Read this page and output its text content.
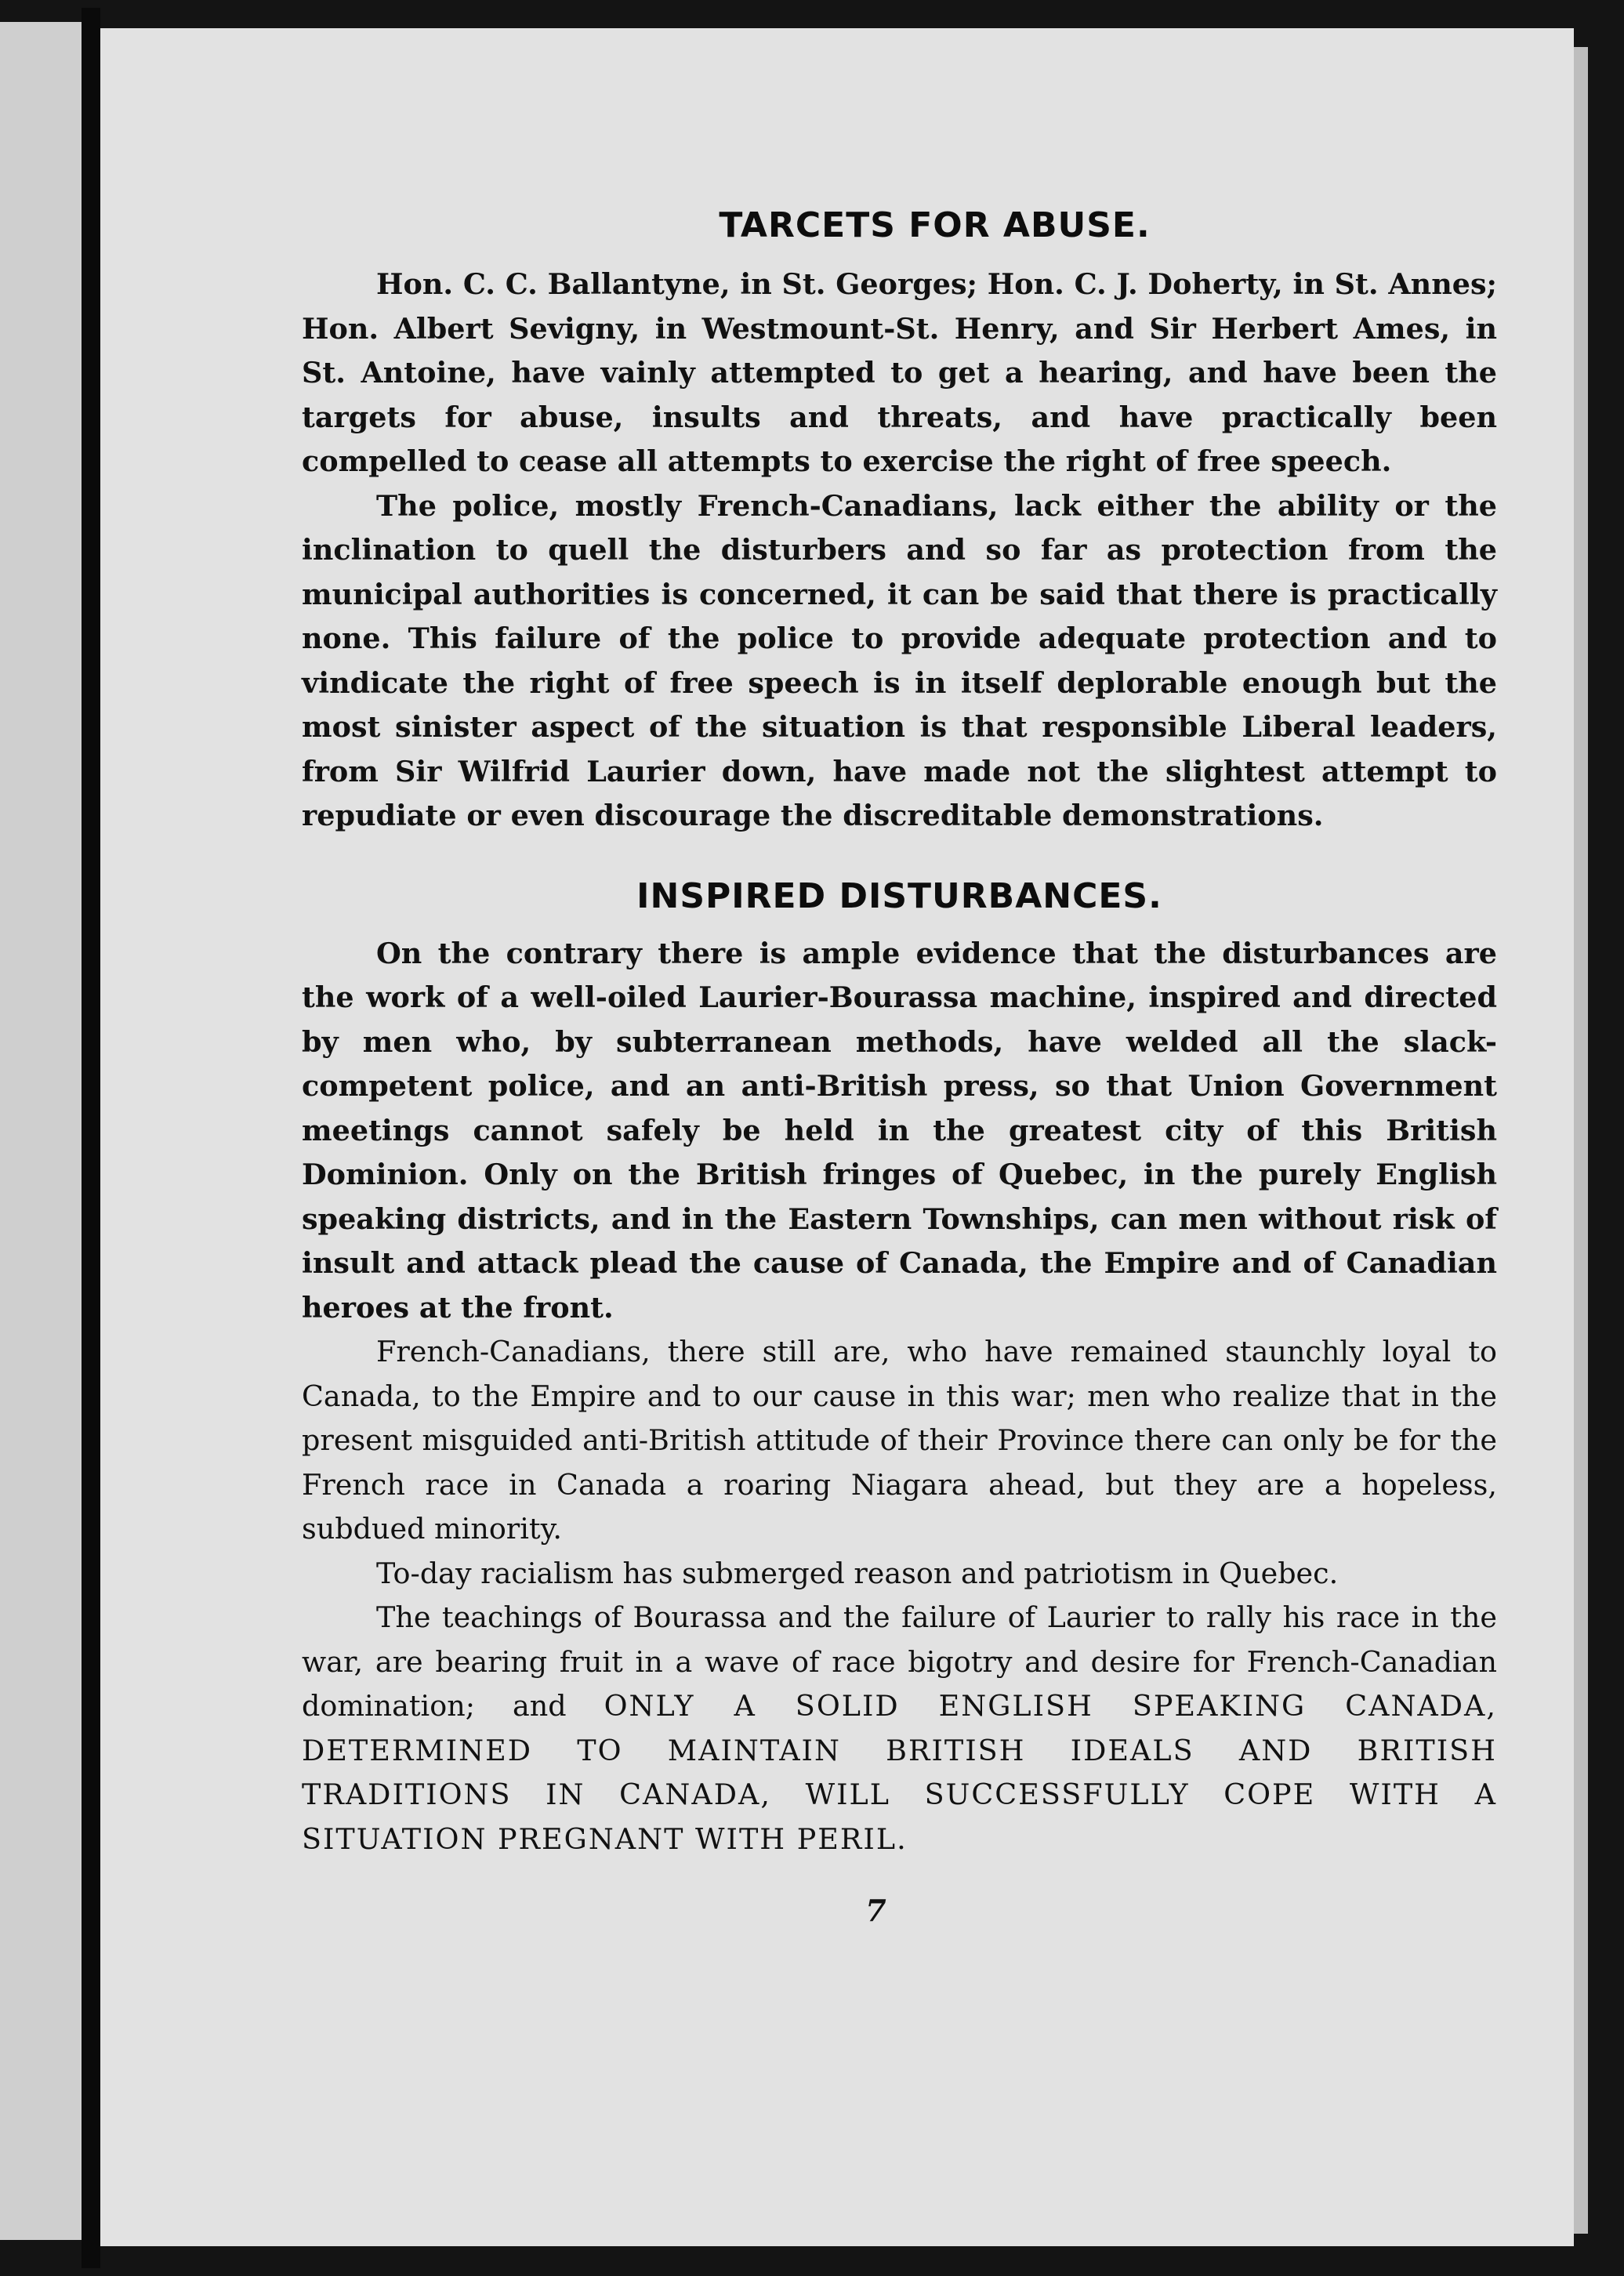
TARCETS FOR ABUSE.

Hon. C. C. Ballantyne, in St. Georges; Hon. C. J. Doherty, in St. Annes; Hon. Albert Sevigny, in Westmount-St. Henry, and Sir Herbert Ames, in St. Antoine, have vainly attempted to get a hearing, and have been the targets for abuse, insults and threats, and have practically been compelled to cease all attempts to exercise the right of free speech.

The police, mostly French-Canadians, lack either the ability or the inclination to quell the disturbers and so far as protection from the municipal authorities is concerned, it can be said that there is practically none. This failure of the police to provide adequate protection and to vindicate the right of free speech is in itself deplorable enough but the most sinister aspect of the situation is that responsible Liberal leaders, from Sir Wilfrid Laurier down, have made not the slightest attempt to repudiate or even discourage the discreditable demonstrations.

INSPIRED DISTURBANCES.

On the contrary there is ample evidence that the disturbances are the work of a well-oiled Laurier-Bourassa machine, inspired and directed by men who, by subterranean methods, have welded all the slack-competent police, and an anti-British press, so that Union Government meetings cannot safely be held in the greatest city of this British Dominion. Only on the British fringes of Quebec, in the purely English speaking districts, and in the Eastern Townships, can men without risk of insult and attack plead the cause of Canada, the Empire and of Canadian heroes at the front.

French-Canadians, there still are, who have remained staunchly loyal to Canada, to the Empire and to our cause in this war; men who realize that in the present misguided anti-British attitude of their Province there can only be for the French race in Canada a roaring Niagara ahead, but they are a hopeless, subdued minority.

To-day racialism has submerged reason and patriotism in Quebec.

The teachings of Bourassa and the failure of Laurier to rally his race in the war, are bearing fruit in a wave of race bigotry and desire for French-Canadian domination; and ONLY A SOLID ENGLISH SPEAKING CANADA, DETERMINED TO MAINTAIN BRITISH IDEALS AND BRITISH TRADITIONS IN CANADA, WILL SUCCESSFULLY COPE WITH A SITUATION PREGNANT WITH PERIL.

7
